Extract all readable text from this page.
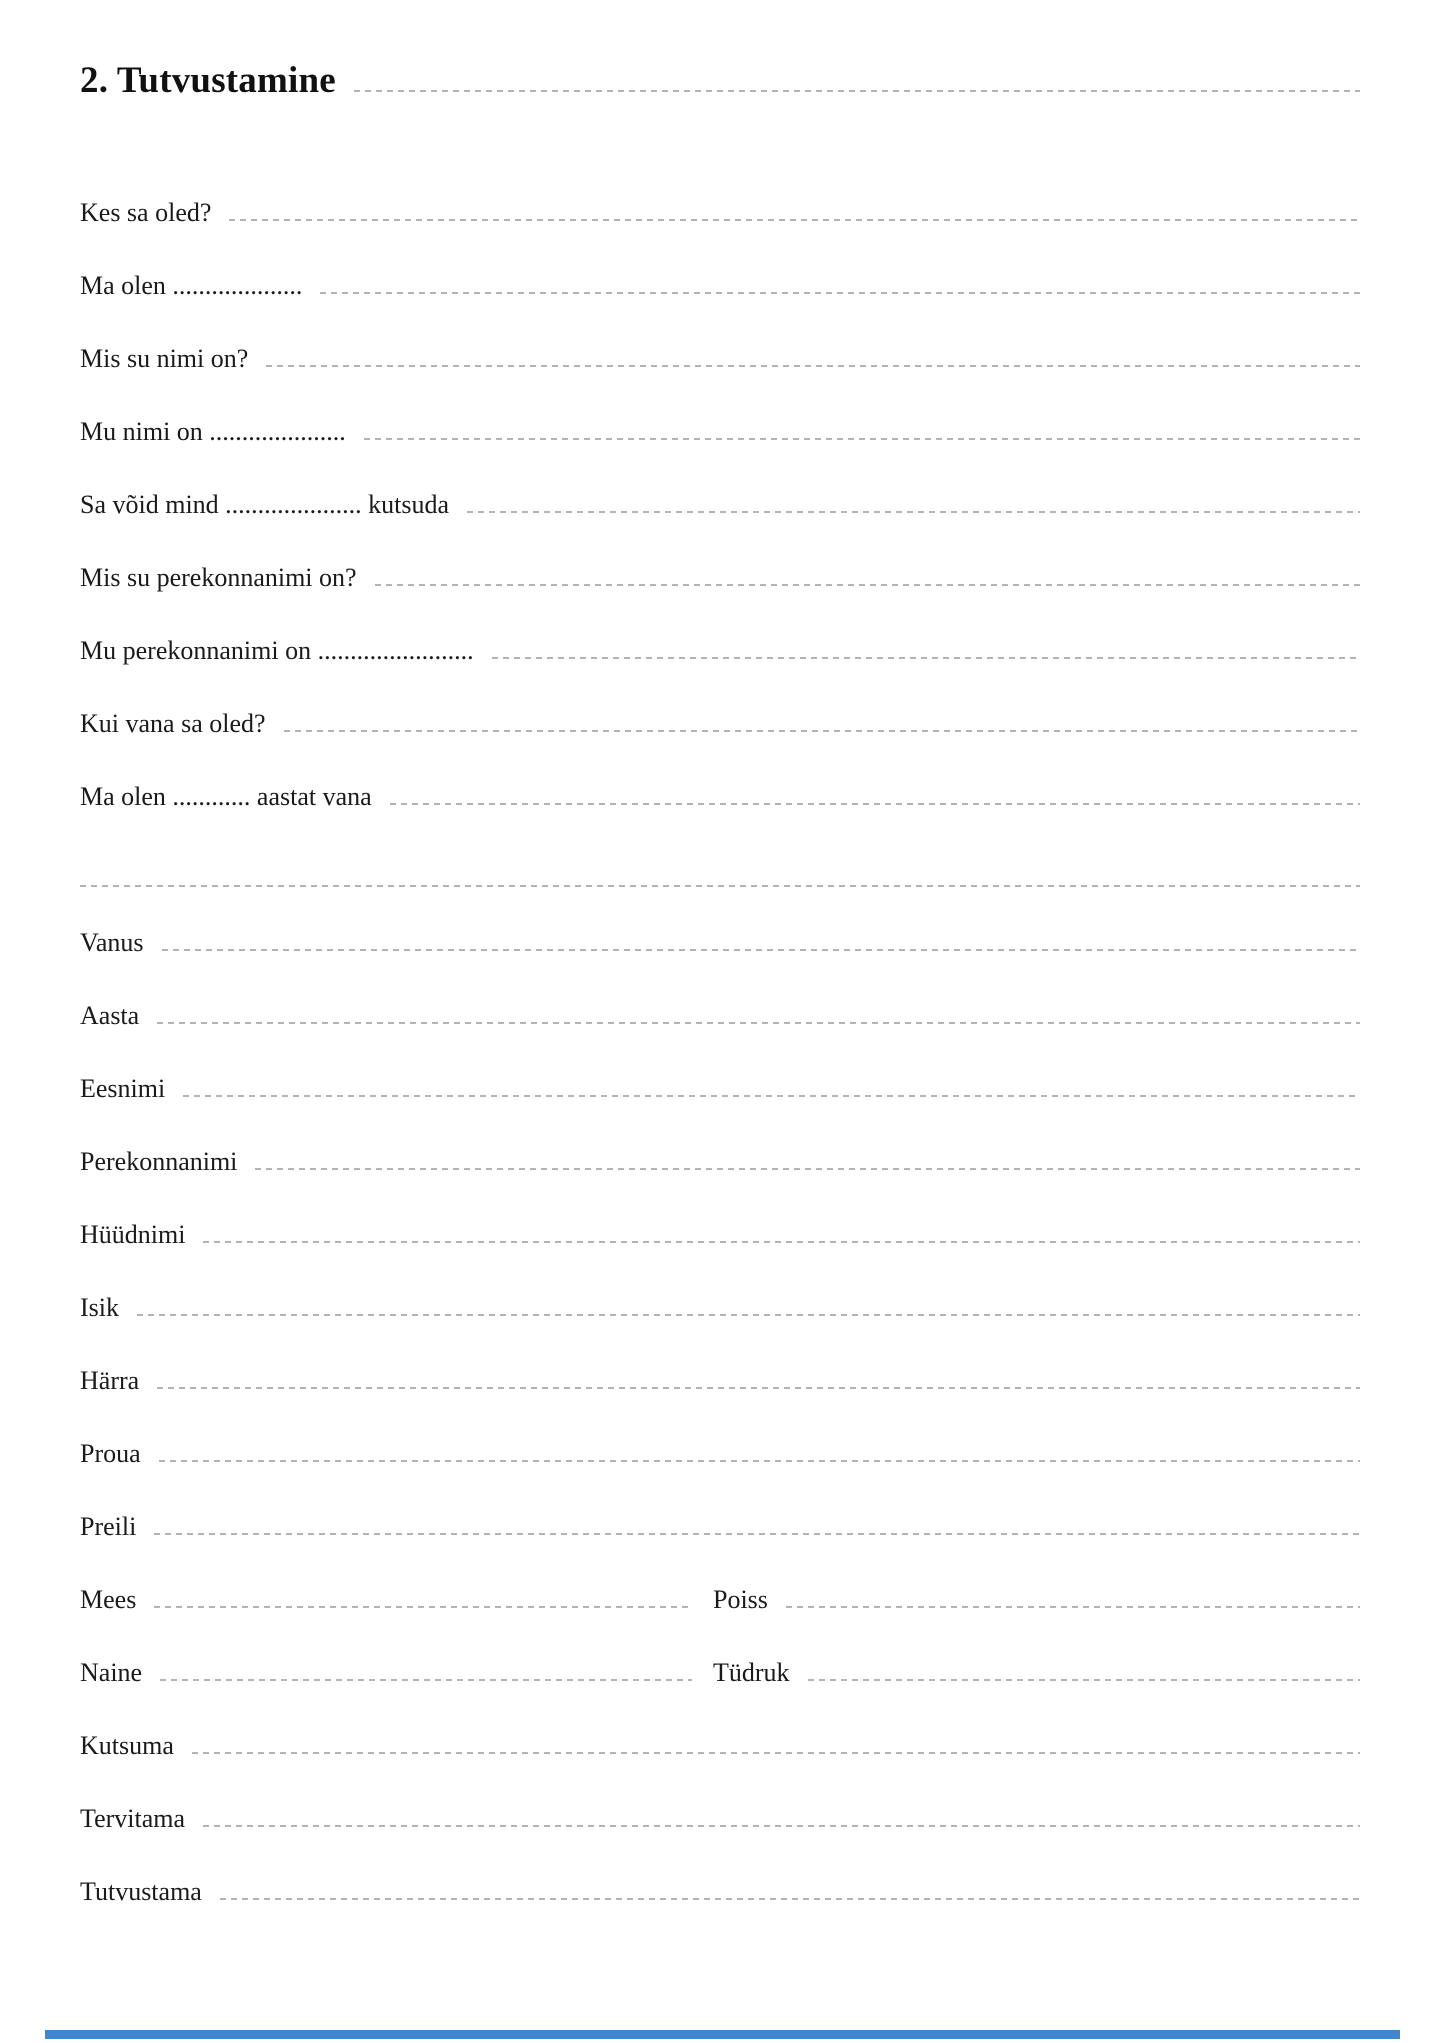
2. Tutvustamine
Kes sa oled?
Ma olen ....................
Mis su nimi on?
Mu nimi on .....................
Sa võid mind ..................... kutsuda
Mis su perekonnanimi on?
Mu perekonnanimi on ........................
Kui vana sa oled?
Ma olen ............ aastat vana
Vanus
Aasta
Eesnimi
Perekonnanimi
Hüüdnimi
Isik
Härra
Proua
Preili
Mees	Poiss
Naine	Tüdruk
Kutsuma
Tervitama
Tutvustama
